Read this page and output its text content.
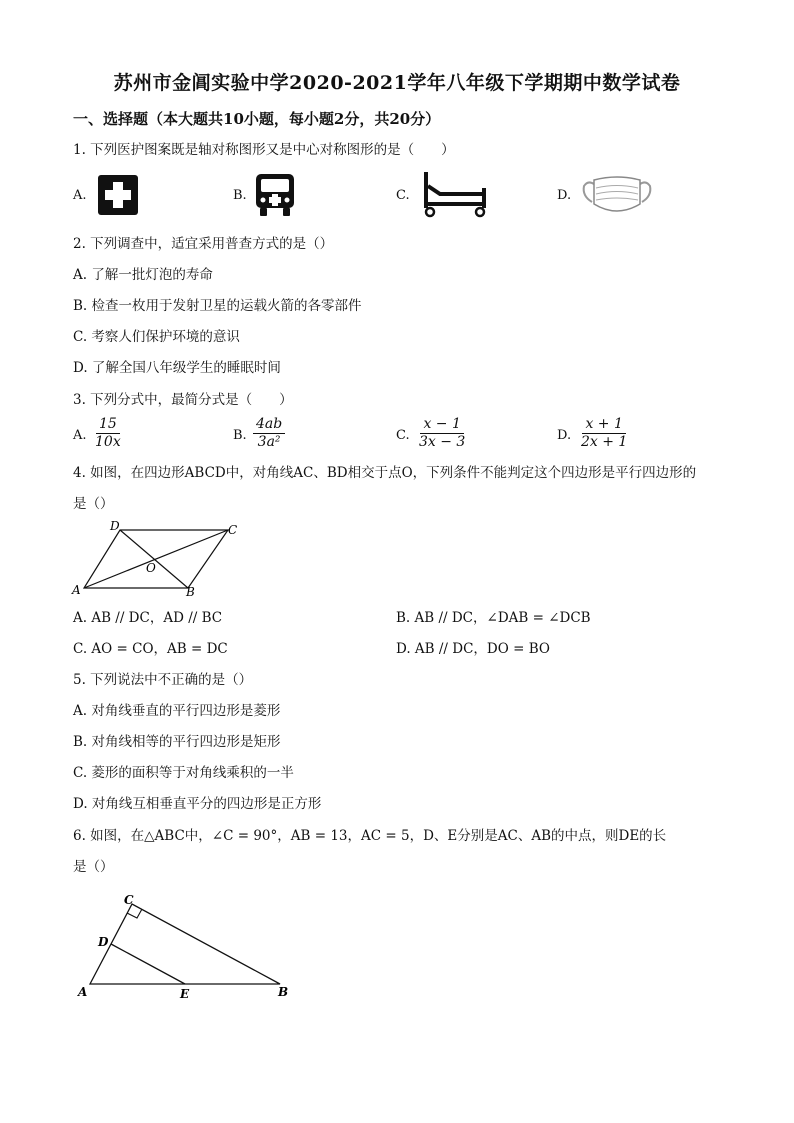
苏州市金阊实验中学2020-2021学年八年级下学期期中数学试卷
一、选择题（本大题共10小题，每小题2分，共20分）
1. 下列医护图案既是轴对称图形又是中心对称图形的是（　　）
A.	B.	C.	D.
2. 下列调查中，适宜采用普查方式的是（）
A. 了解一批灯泡的寿命
B. 检查一枚用于发射卫星的运载火箭的各零部件
C. 考察人们保护环境的意识
D. 了解全国八年级学生的睡眠时间
3. 下列分式中，最简分式是（　　）
A. $\frac{15}{10x}$	B. $\frac{4ab}{\text{3a²}}$	C. $\frac{x - 1}{3x - 3}$	D. $\frac{x + 1}{2x + 1}$
4. 如图，在四边形ABCD中，对角线AC、BD相交于点O，下列条件不能判定这个四边形是平行四边形的
是（）
A	B
C
D
O
A. AB // DC，AD // BC	B. AB // DC，∠DAB = ∠DCB
C. AO = CO，AB = DC	D. AB // DC，DO = BO
5. 下列说法中不正确的是（）
A. 对角线垂直的平行四边形是菱形
B. 对角线相等的平行四边形是矩形
C. 菱形的面积等于对角线乘积的一半
D. 对角线互相垂直平分的四边形是正方形
6. 如图，在△ABC中，∠C = 90°，AB = 13，AC = 5，D、E分别是AC、AB的中点，则DE的长
是（）
A	B
C
D
E
